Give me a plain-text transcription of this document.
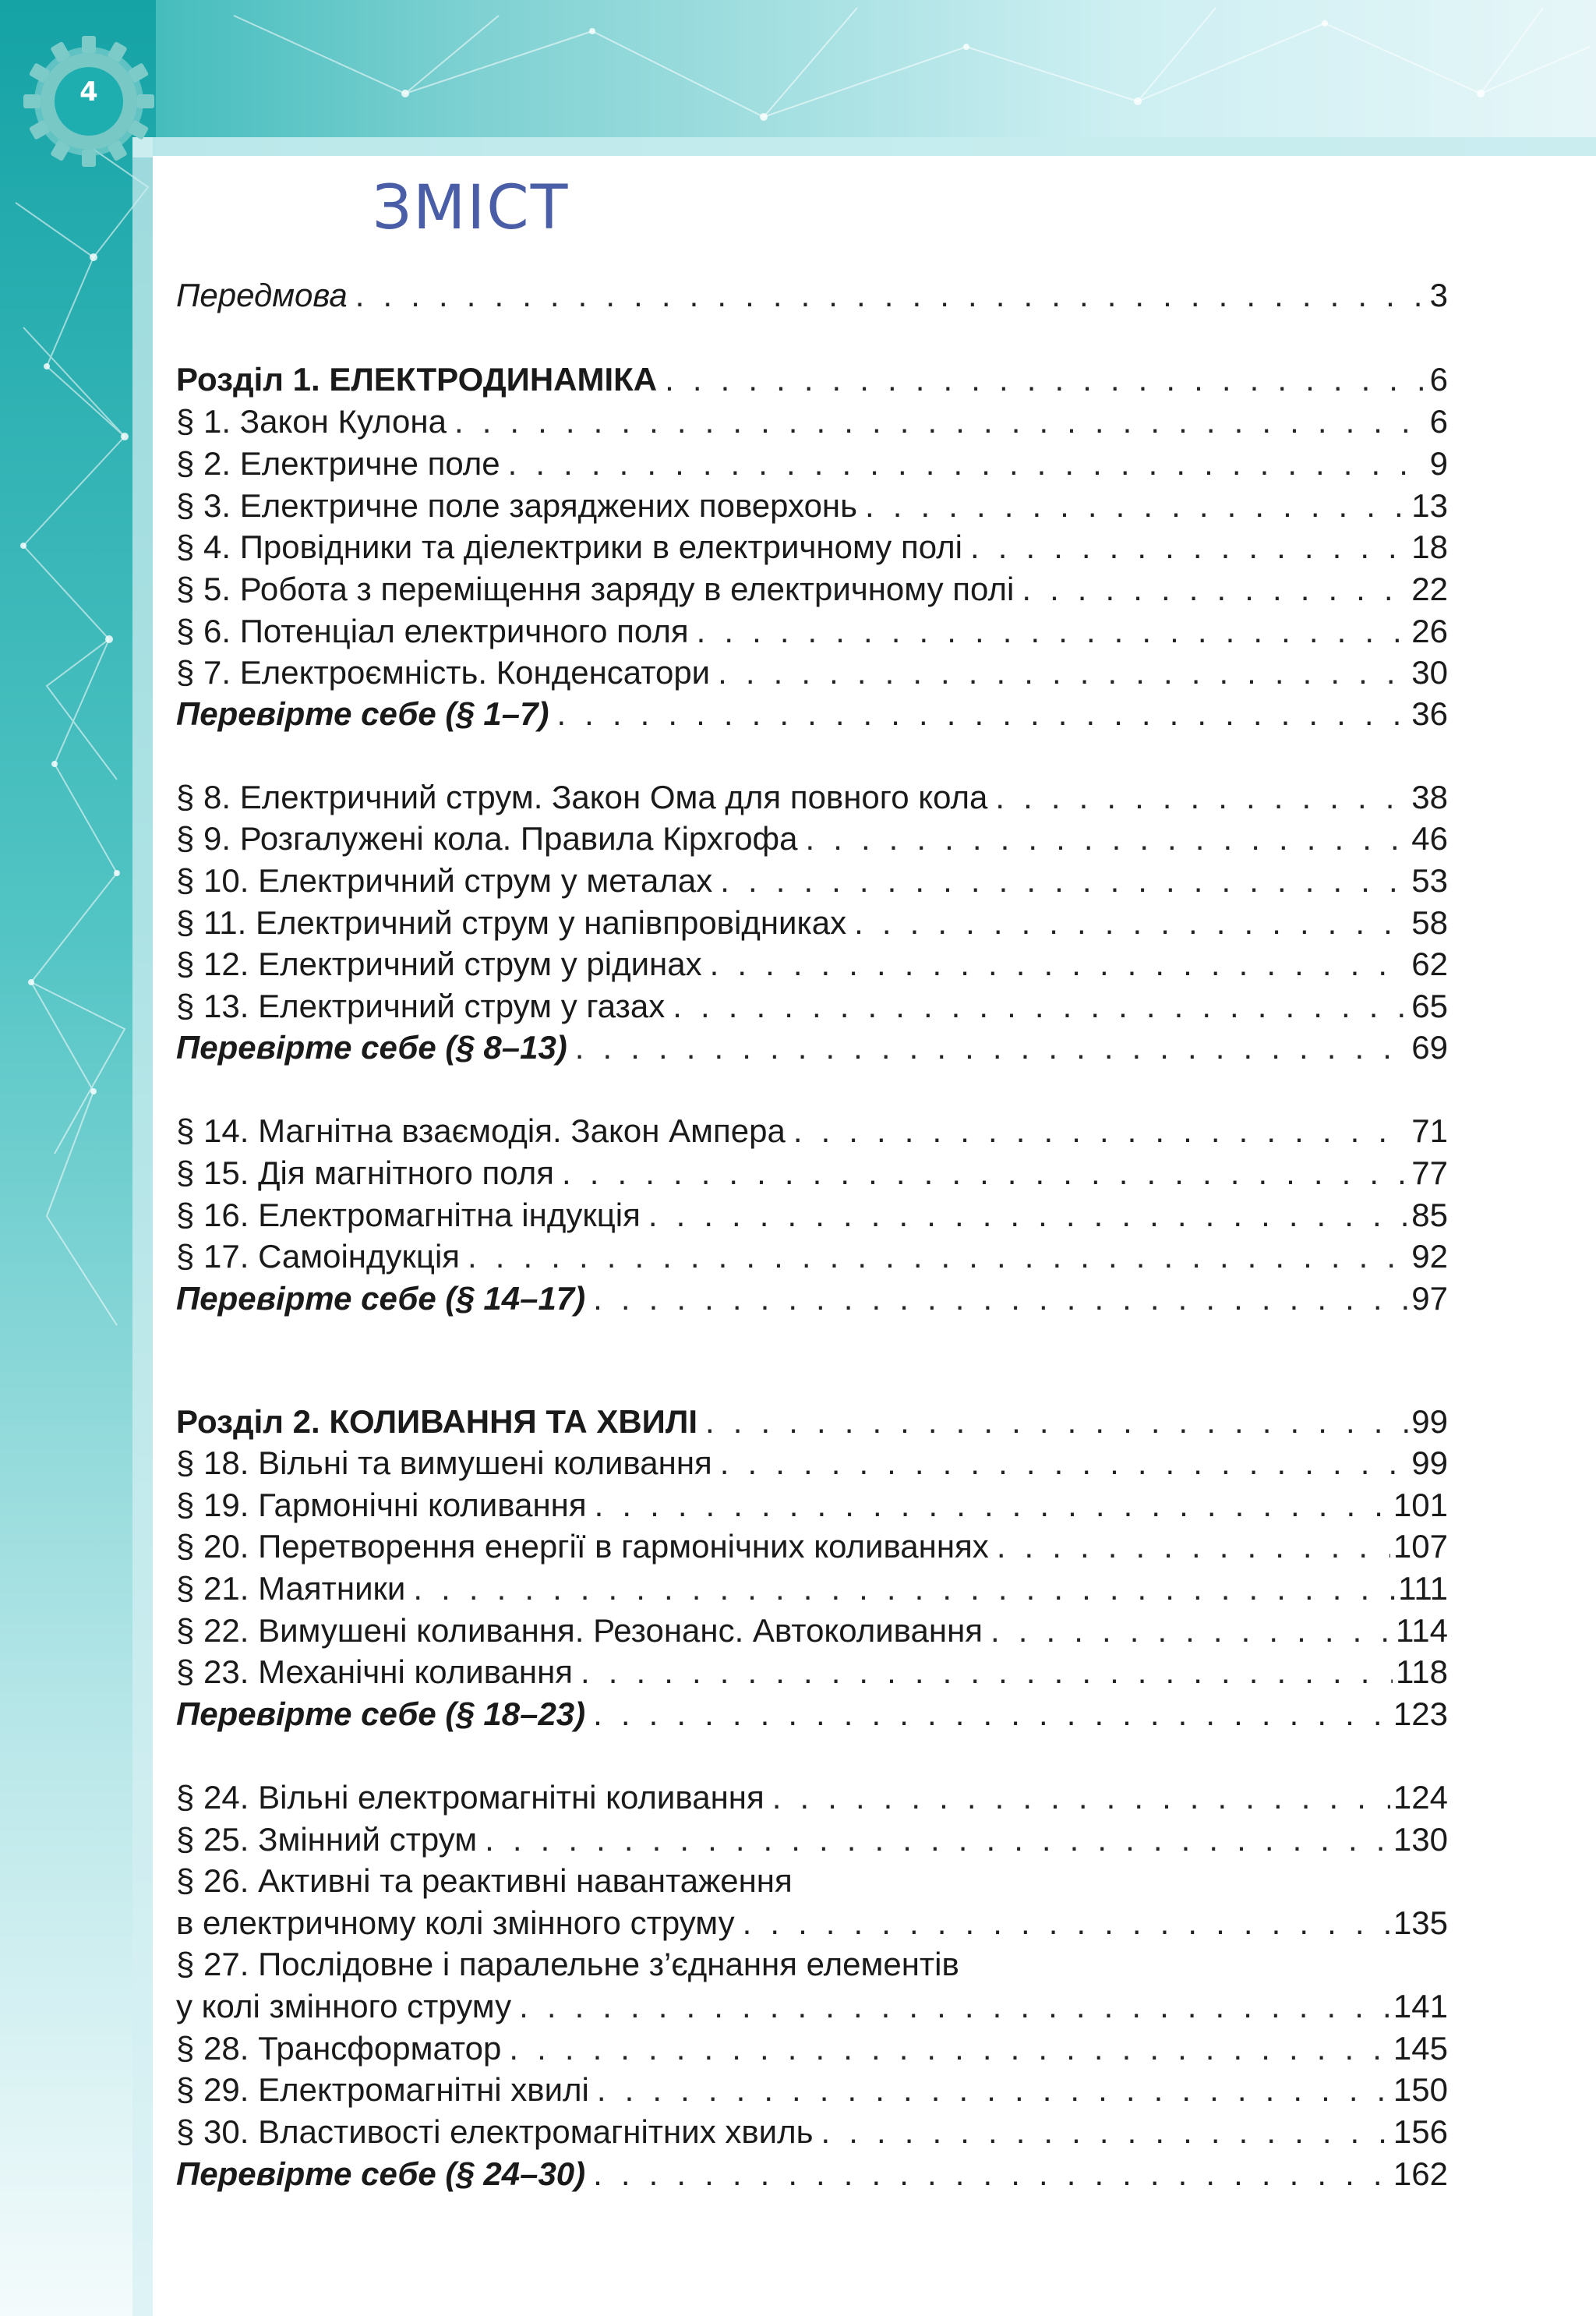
4
ЗМІСТ
Передмова . . .	3
Розділ 1. ЕЛЕКТРОДИНАМІКА . . .	6
§ 1. Закон Кулона . . .	6
§ 2. Електричне поле . . .	9
§ 3. Електричне поле заряджених поверхонь . . .	13
§ 4. Провідники та діелектрики в електричному полі . . .	18
§ 5. Робота з переміщення заряду в електричному полі . . .	22
§ 6. Потенціал електричного поля . . .	26
§ 7. Електроємність. Конденсатори . . .	30
Перевірте себе (§ 1–7) . . .	36
§ 8. Електричний струм. Закон Ома для повного кола . . .	38
§ 9. Розгалужені кола. Правила Кірхгофа . . .	46
§ 10. Електричний струм у металах . . .	53
§ 11. Електричний струм у напівпровідниках . . .	58
§ 12. Електричний струм у рідинах . . .	62
§ 13. Електричний струм у газах . . .	65
Перевірте себе (§ 8–13) . . .	69
§ 14. Магнітна взаємодія. Закон Ампера . . .	71
§ 15. Дія магнітного поля . . .	77
§ 16. Електромагнітна індукція . . .	85
§ 17. Самоіндукція . . .	92
Перевірте себе (§ 14–17) . . .	97
Розділ 2. КОЛИВАННЯ ТА ХВИЛІ . . .	99
§ 18. Вільні та вимушені коливання . . .	99
§ 19. Гармонічні коливання . . .	101
§ 20. Перетворення енергії в гармонічних коливаннях . . .	107
§ 21. Маятники . . .	111
§ 22. Вимушені коливання. Резонанс. Автоколивання . . .	114
§ 23. Механічні коливання . . .	118
Перевірте себе (§ 18–23) . . .	123
§ 24. Вільні електромагнітні коливання . . .	124
§ 25. Змінний струм . . .	130
§ 26. Активні та реактивні навантаження
в електричному колі змінного струму . . .	135
§ 27. Послідовне і паралельне з’єднання елементів
у колі змінного струму . . .	141
§ 28. Трансформатор . . .	145
§ 29. Електромагнітні хвилі . . .	150
§ 30. Властивості електромагнітних хвиль . . .	156
Перевірте себе (§ 24–30) . . .	162
